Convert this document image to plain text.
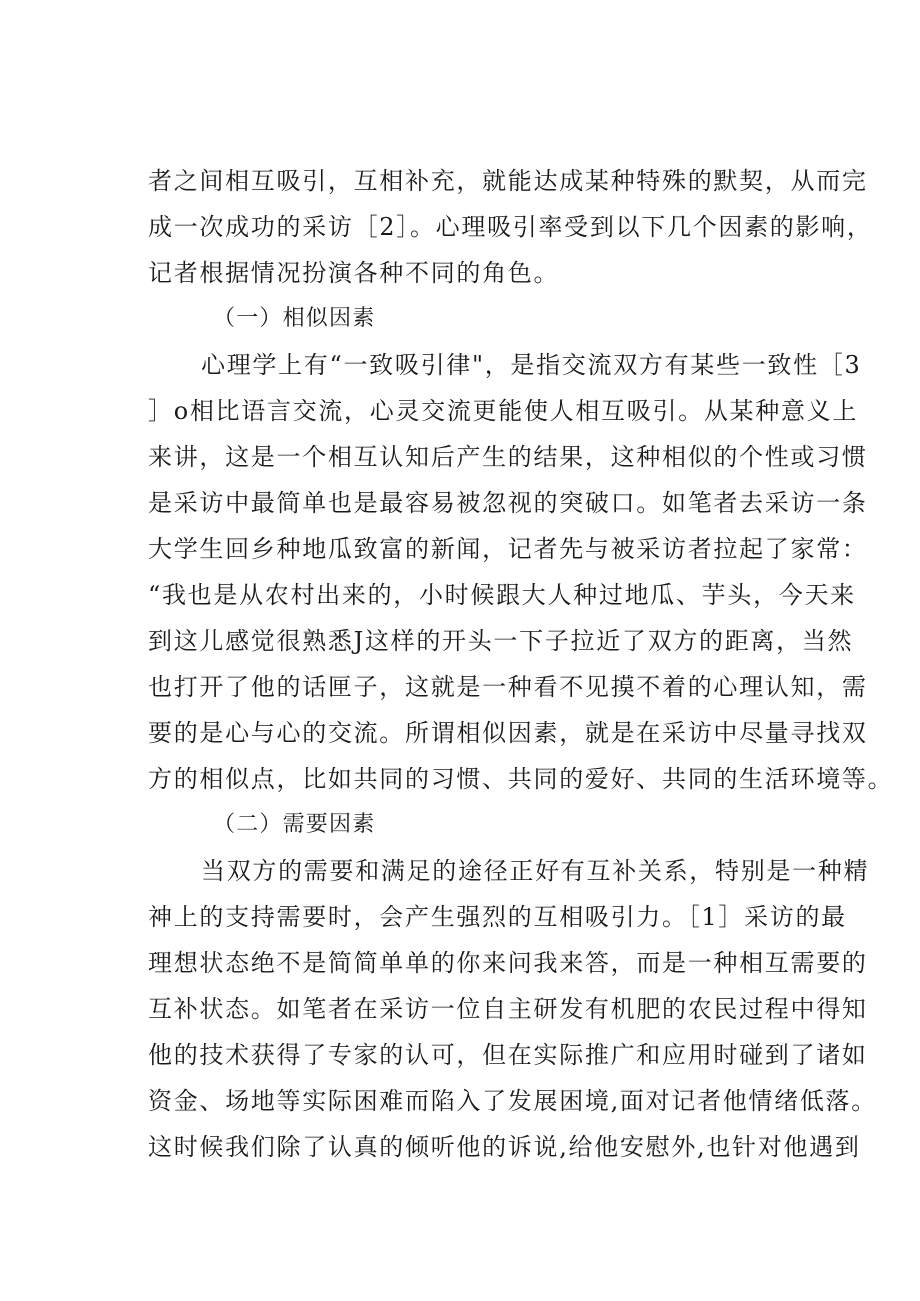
者之间相互吸引，互相补充，就能达成某种特殊的默契，从而完
成一次成功的采访［2］。心理吸引率受到以下几个因素的影响，
记者根据情况扮演各种不同的角色。
（一）相似因素
心理学上有“一致吸引律"，是指交流双方有某些一致性［3
］o相比语言交流，心灵交流更能使人相互吸引。从某种意义上
来讲，这是一个相互认知后产生的结果，这种相似的个性或习惯
是采访中最简单也是最容易被忽视的突破口。如笔者去采访一条
大学生回乡种地瓜致富的新闻，记者先与被采访者拉起了家常：
“我也是从农村出来的，小时候跟大人种过地瓜、芋头，今天来
到这儿感觉很熟悉J这样的开头一下子拉近了双方的距离，当然
也打开了他的话匣子，这就是一种看不见摸不着的心理认知，需
要的是心与心的交流。所谓相似因素，就是在采访中尽量寻找双
方的相似点，比如共同的习惯、共同的爱好、共同的生活环境等。
（二）需要因素
当双方的需要和满足的途径正好有互补关系，特别是一种精
神上的支持需要时，会产生强烈的互相吸引力。［1］采访的最
理想状态绝不是简简单单的你来问我来答，而是一种相互需要的
互补状态。如笔者在采访一位自主研发有机肥的农民过程中得知
他的技术获得了专家的认可，但在实际推广和应用时碰到了诸如
资金、场地等实际困难而陷入了发展困境,面对记者他情绪低落。
这时候我们除了认真的倾听他的诉说,给他安慰外,也针对他遇到
